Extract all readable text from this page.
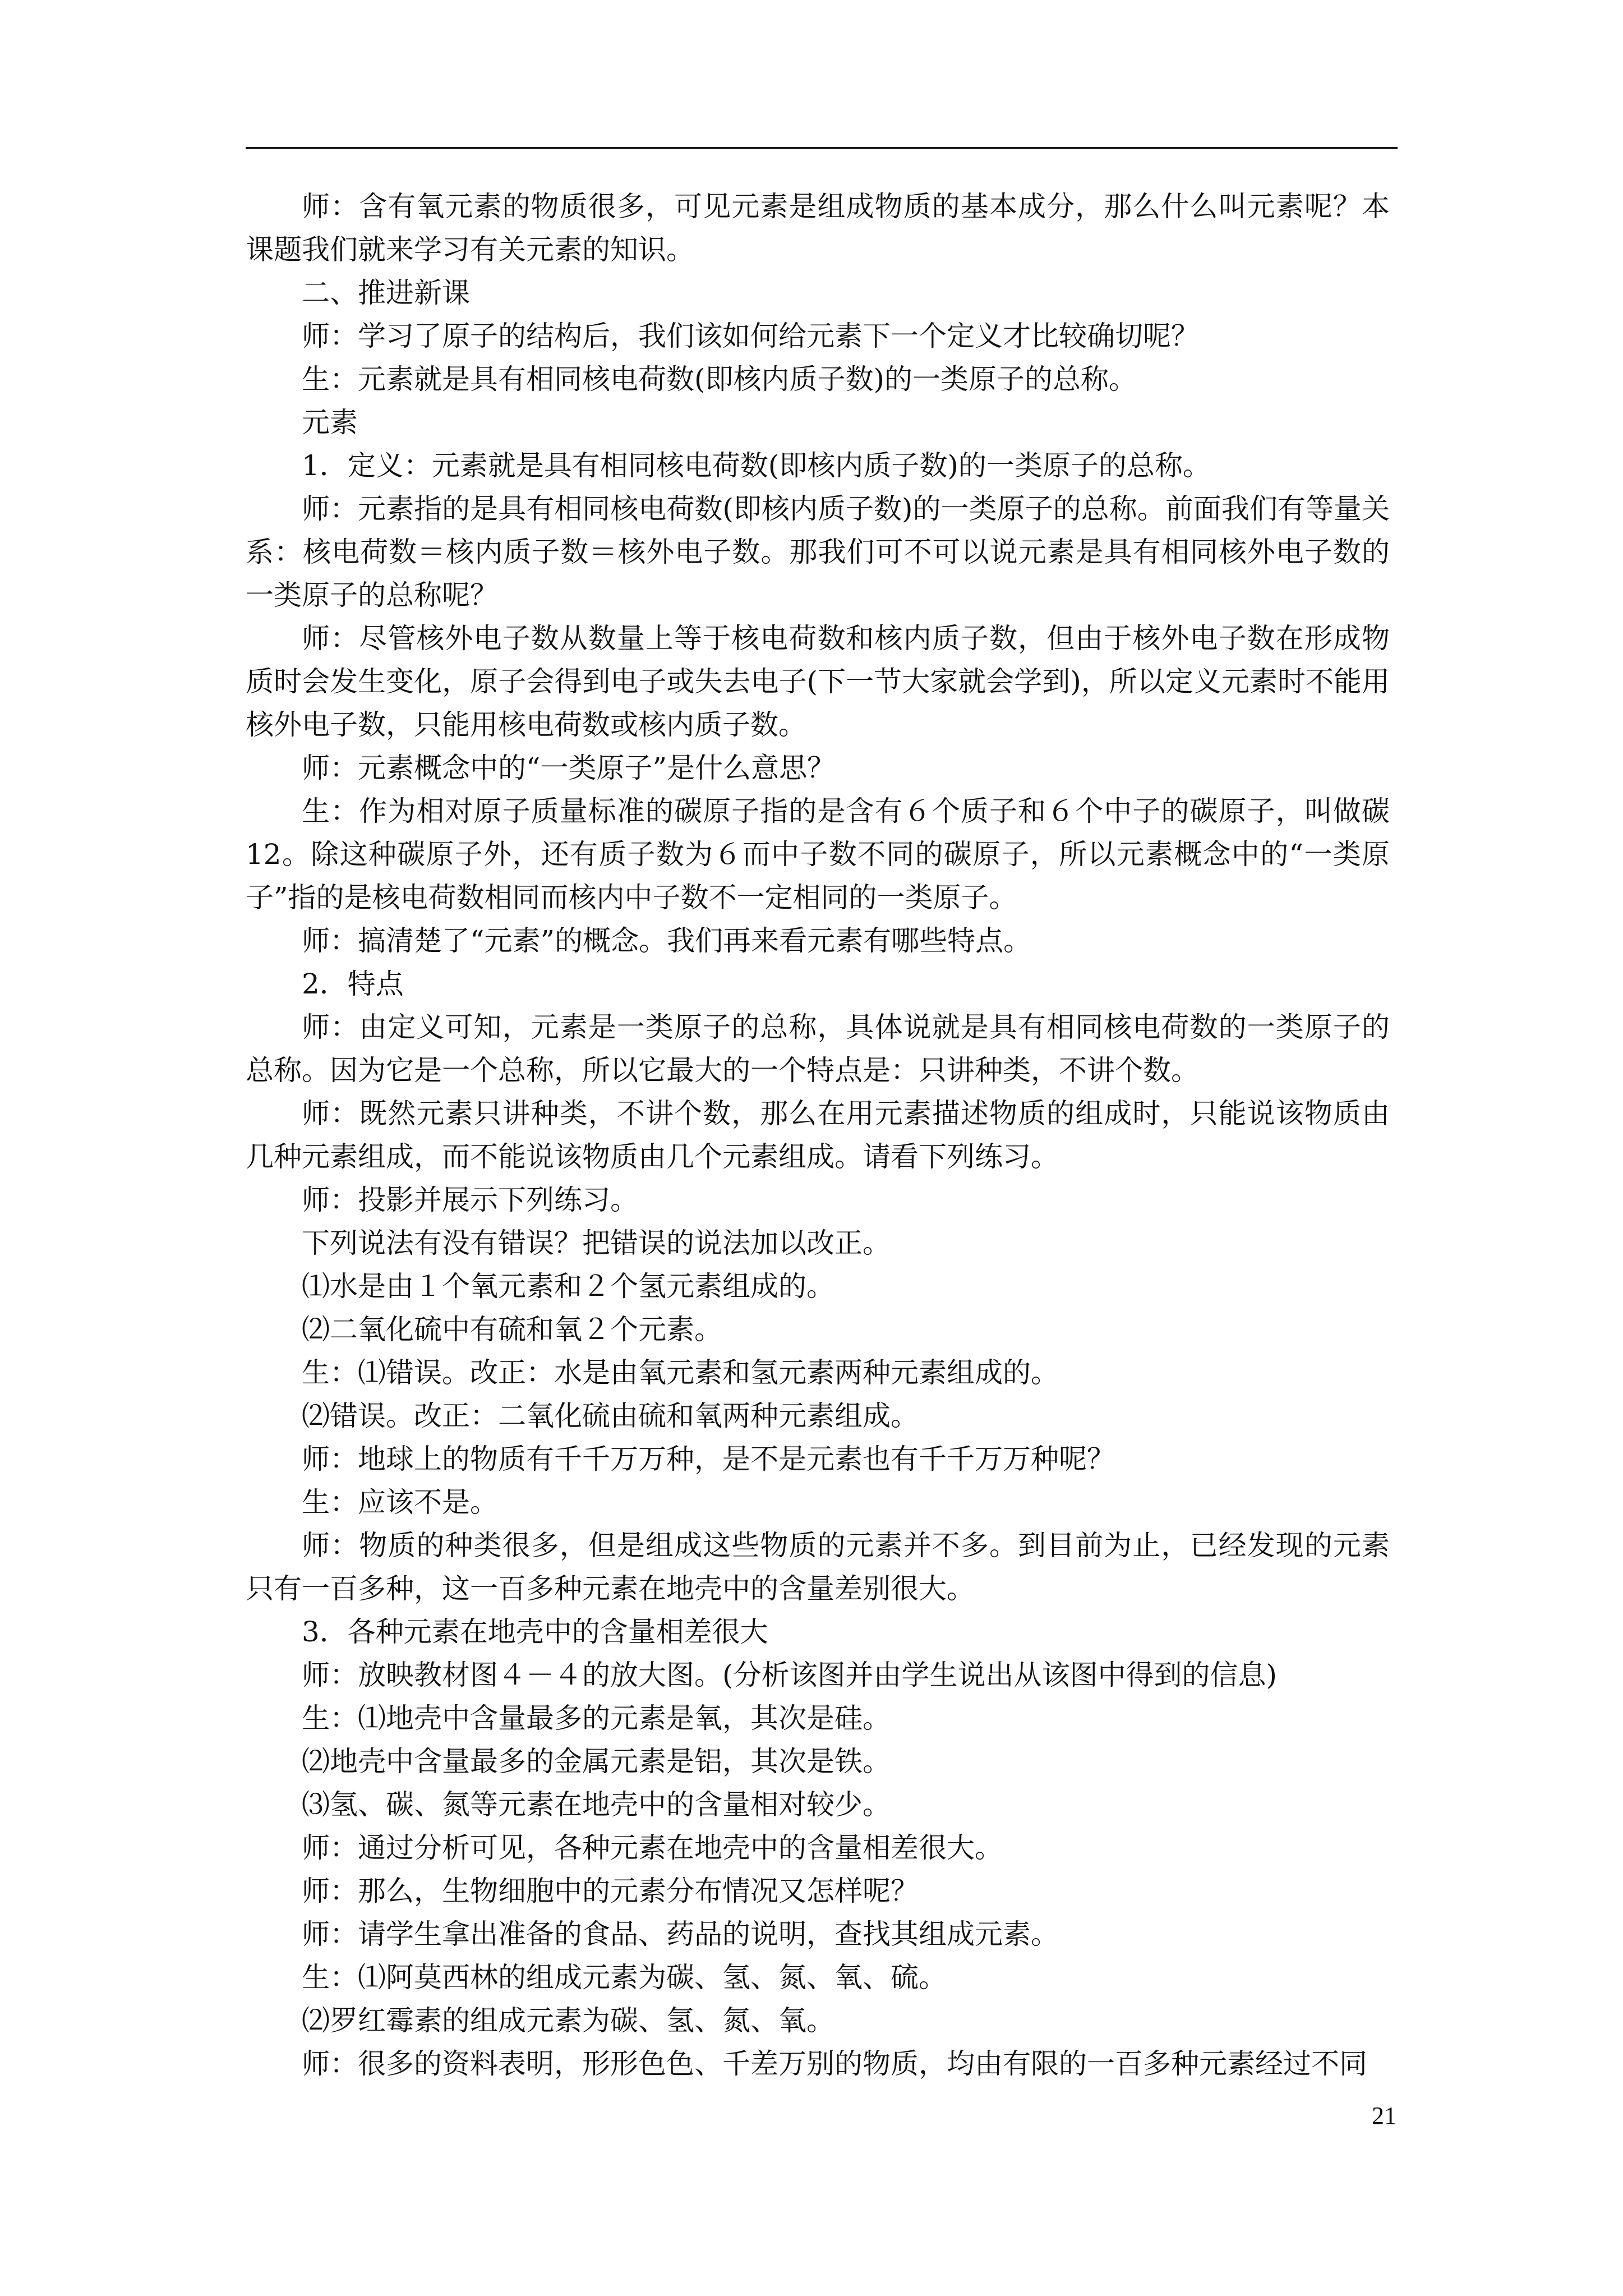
师：含有氧元素的物质很多，可见元素是组成物质的基本成分，那么什么叫元素呢？本课题我们就来学习有关元素的知识。

二、推进新课

师：学习了原子的结构后，我们该如何给元素下一个定义才比较确切呢？

生：元素就是具有相同核电荷数(即核内质子数)的一类原子的总称。

元素

1．定义：元素就是具有相同核电荷数(即核内质子数)的一类原子的总称。

师：元素指的是具有相同核电荷数(即核内质子数)的一类原子的总称。前面我们有等量关系：核电荷数＝核内质子数＝核外电子数。那我们可不可以说元素是具有相同核外电子数的一类原子的总称呢？

师：尽管核外电子数从数量上等于核电荷数和核内质子数，但由于核外电子数在形成物质时会发生变化，原子会得到电子或失去电子(下一节大家就会学到)，所以定义元素时不能用核外电子数，只能用核电荷数或核内质子数。

师：元素概念中的“一类原子”是什么意思？

生：作为相对原子质量标准的碳原子指的是含有６个质子和６个中子的碳原子，叫做碳12。除这种碳原子外，还有质子数为６而中子数不同的碳原子，所以元素概念中的“一类原子”指的是核电荷数相同而核内中子数不一定相同的一类原子。

师：搞清楚了“元素”的概念。我们再来看元素有哪些特点。

2．特点

师：由定义可知，元素是一类原子的总称，具体说就是具有相同核电荷数的一类原子的总称。因为它是一个总称，所以它最大的一个特点是：只讲种类，不讲个数。

师：既然元素只讲种类，不讲个数，那么在用元素描述物质的组成时，只能说该物质由几种元素组成，而不能说该物质由几个元素组成。请看下列练习。

师：投影并展示下列练习。

下列说法有没有错误？把错误的说法加以改正。

⑴水是由１个氧元素和２个氢元素组成的。

⑵二氧化硫中有硫和氧２个元素。

生：⑴错误。改正：水是由氧元素和氢元素两种元素组成的。

⑵错误。改正：二氧化硫由硫和氧两种元素组成。

师：地球上的物质有千千万万种，是不是元素也有千千万万种呢？

生：应该不是。

师：物质的种类很多，但是组成这些物质的元素并不多。到目前为止，已经发现的元素只有一百多种，这一百多种元素在地壳中的含量差别很大。

3．各种元素在地壳中的含量相差很大

师：放映教材图４－４的放大图。(分析该图并由学生说出从该图中得到的信息)

生：⑴地壳中含量最多的元素是氧，其次是硅。

⑵地壳中含量最多的金属元素是铝，其次是铁。

⑶氢、碳、氮等元素在地壳中的含量相对较少。

师：通过分析可见，各种元素在地壳中的含量相差很大。

师：那么，生物细胞中的元素分布情况又怎样呢？

师：请学生拿出准备的食品、药品的说明，查找其组成元素。

生：⑴阿莫西林的组成元素为碳、氢、氮、氧、硫。

⑵罗红霉素的组成元素为碳、氢、氮、氧。

师：很多的资料表明，形形色色、千差万别的物质，均由有限的一百多种元素经过不同

21
